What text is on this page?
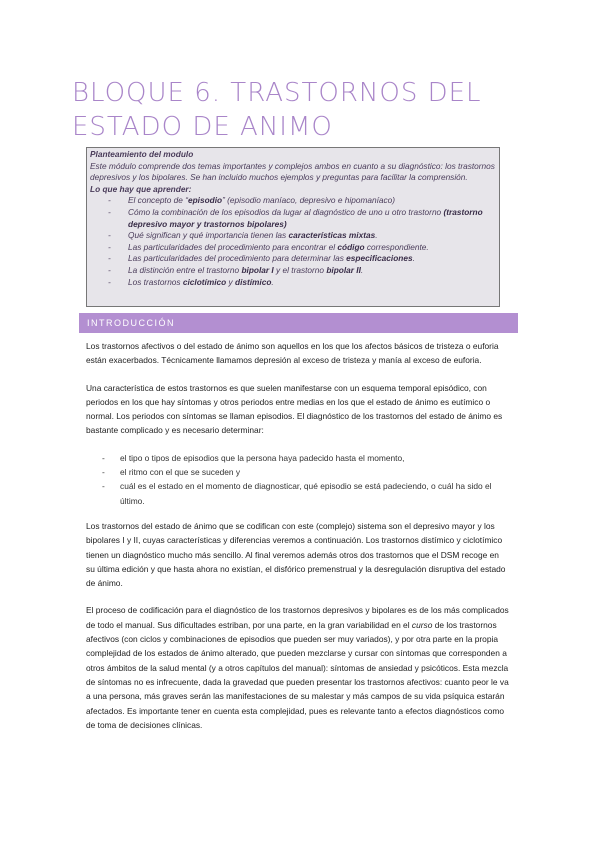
BLOQUE 6. TRASTORNOS DEL ESTADO DE ANIMO

Planteamiento del modulo

Este módulo comprende dos temas importantes y complejos ambos en cuanto a su diagnóstico: los trastornos depresivos y los bipolares. Se han incluido muchos ejemplos y preguntas para facilitar la comprensión.

Lo que hay que aprender:

- El concepto de “episodio” (episodio maníaco, depresivo e hipomaníaco)
- Cómo la combinación de los episodios da lugar al diagnóstico de uno u otro trastorno (trastorno depresivo mayor y trastornos bipolares)
- Qué significan y qué importancia tienen las características mixtas.
- Las particularidades del procedimiento para encontrar el código correspondiente.
- Las particularidades del procedimiento para determinar las especificaciones.
- La distinción entre el trastorno bipolar I y el trastorno bipolar II.
- Los trastornos ciclotímico y distímico.
INTRODUCCIÓN

Los trastornos afectivos o del estado de ánimo son aquellos en los que los afectos básicos de tristeza o euforia están exacerbados. Técnicamente llamamos depresión al exceso de tristeza y manía al exceso de euforia.

Una característica de estos trastornos es que suelen manifestarse con un esquema temporal episódico, con periodos en los que hay síntomas y otros periodos entre medias en los que el estado de ánimo es eutímico o normal. Los periodos con síntomas se llaman episodios. El diagnóstico de los trastornos del estado de ánimo es bastante complicado y es necesario determinar:

- el tipo o tipos de episodios que la persona haya padecido hasta el momento,
- el ritmo con el que se suceden y
- cuál es el estado en el momento de diagnosticar, qué episodio se está padeciendo, o cuál ha sido el último.

Los trastornos del estado de ánimo que se codifican con este (complejo) sistema son el depresivo mayor y los bipolares I y II, cuyas características y diferencias veremos a continuación. Los trastornos distímico y ciclotímico tienen un diagnóstico mucho más sencillo. Al final veremos además otros dos trastornos que el DSM recoge en su última edición y que hasta ahora no existían, el disfórico premenstrual y la desregulación disruptiva del estado de ánimo.

El proceso de codificación para el diagnóstico de los trastornos depresivos y bipolares es de los más complicados de todo el manual. Sus dificultades estriban, por una parte, en la gran variabilidad en el curso de los trastornos afectivos (con ciclos y combinaciones de episodios que pueden ser muy variados), y por otra parte en la propia complejidad de los estados de ánimo alterado, que pueden mezclarse y cursar con síntomas que corresponden a otros ámbitos de la salud mental (y a otros capítulos del manual): síntomas de ansiedad y psicóticos. Esta mezcla de síntomas no es infrecuente, dada la gravedad que pueden presentar los trastornos afectivos: cuanto peor le va a una persona, más graves serán las manifestaciones de su malestar y más campos de su vida psíquica estarán afectados. Es importante tener en cuenta esta complejidad, pues es relevante tanto a efectos diagnósticos como de toma de decisiones clínicas.
